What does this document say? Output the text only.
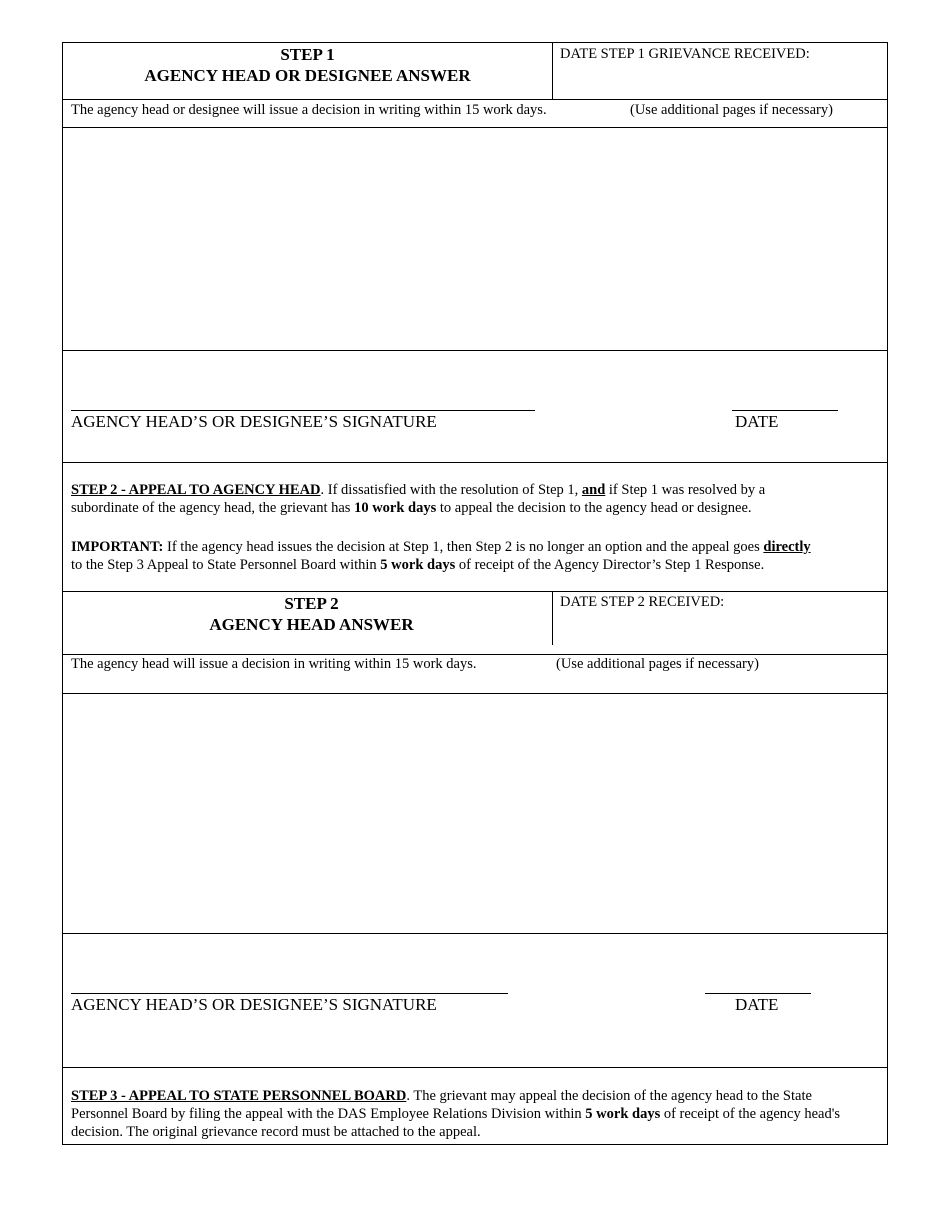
STEP 1
AGENCY HEAD OR DESIGNEE ANSWER
DATE STEP 1 GRIEVANCE RECEIVED:
The agency head or designee will issue a decision in writing within 15 work days.	(Use additional pages if necessary)
AGENCY HEAD’S OR DESIGNEE’S SIGNATURE	DATE
STEP 2 - APPEAL TO AGENCY HEAD. If dissatisfied with the resolution of Step 1, and if Step 1 was resolved by a subordinate of the agency head, the grievant has 10 work days to appeal the decision to the agency head or designee.
IMPORTANT: If the agency head issues the decision at Step 1, then Step 2 is no longer an option and the appeal goes directly to the Step 3 Appeal to State Personnel Board within 5 work days of receipt of the Agency Director’s Step 1 Response.
STEP 2
AGENCY HEAD ANSWER
DATE STEP 2 RECEIVED:
The agency head will issue a decision in writing within 15 work days.	(Use additional pages if necessary)
AGENCY HEAD’S OR DESIGNEE’S SIGNATURE	DATE
STEP 3 - APPEAL TO STATE PERSONNEL BOARD. The grievant may appeal the decision of the agency head to the State Personnel Board by filing the appeal with the DAS Employee Relations Division within 5 work days of receipt of the agency head's decision. The original grievance record must be attached to the appeal.
